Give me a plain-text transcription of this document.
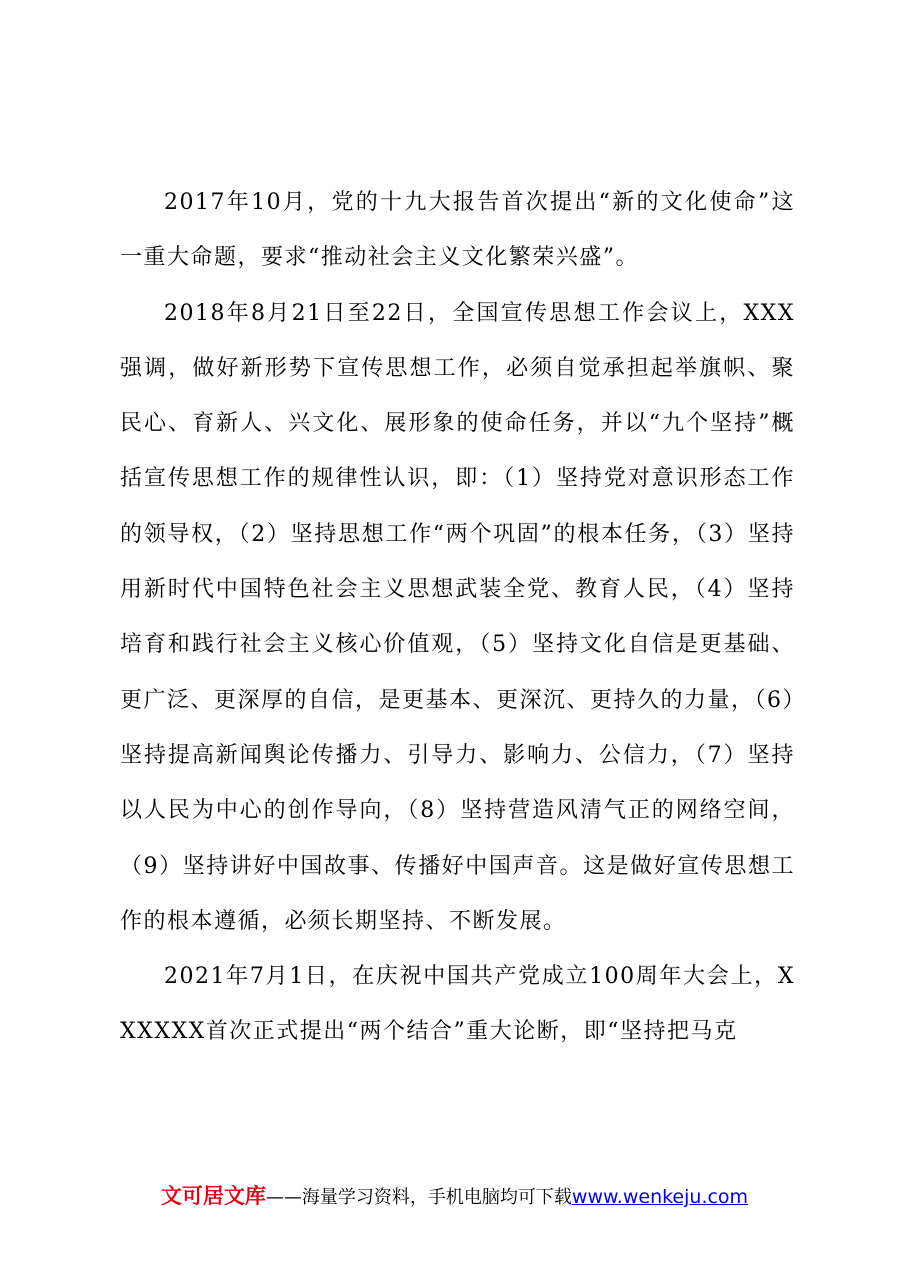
2017年10月，党的十九大报告首次提出“新的文化使命”这一重大命题，要求“推动社会主义文化繁荣兴盛”。

2018年8月21日至22日，全国宣传思想工作会议上，XXX强调，做好新形势下宣传思想工作，必须自觉承担起举旗帜、聚民心、育新人、兴文化、展形象的使命任务，并以“九个坚持”概括宣传思想工作的规律性认识，即：（1）坚持党对意识形态工作的领导权，（2）坚持思想工作“两个巩固”的根本任务，（3）坚持用新时代中国特色社会主义思想武装全党、教育人民，（4）坚持培育和践行社会主义核心价值观，（5）坚持文化自信是更基础、更广泛、更深厚的自信，是更基本、更深沉、更持久的力量，（6）坚持提高新闻舆论传播力、引导力、影响力、公信力，（7）坚持以人民为中心的创作导向，（8）坚持营造风清气正的网络空间，（9）坚持讲好中国故事、传播好中国声音。这是做好宣传思想工作的根本遵循，必须长期坚持、不断发展。

2021年7月1日，在庆祝中国共产党成立100周年大会上，XXXXXX首次正式提出“两个结合”重大论断，即“坚持把马克

文可居文库 ——海量学习资料，手机电脑均可下载 www.wenkeju.com
